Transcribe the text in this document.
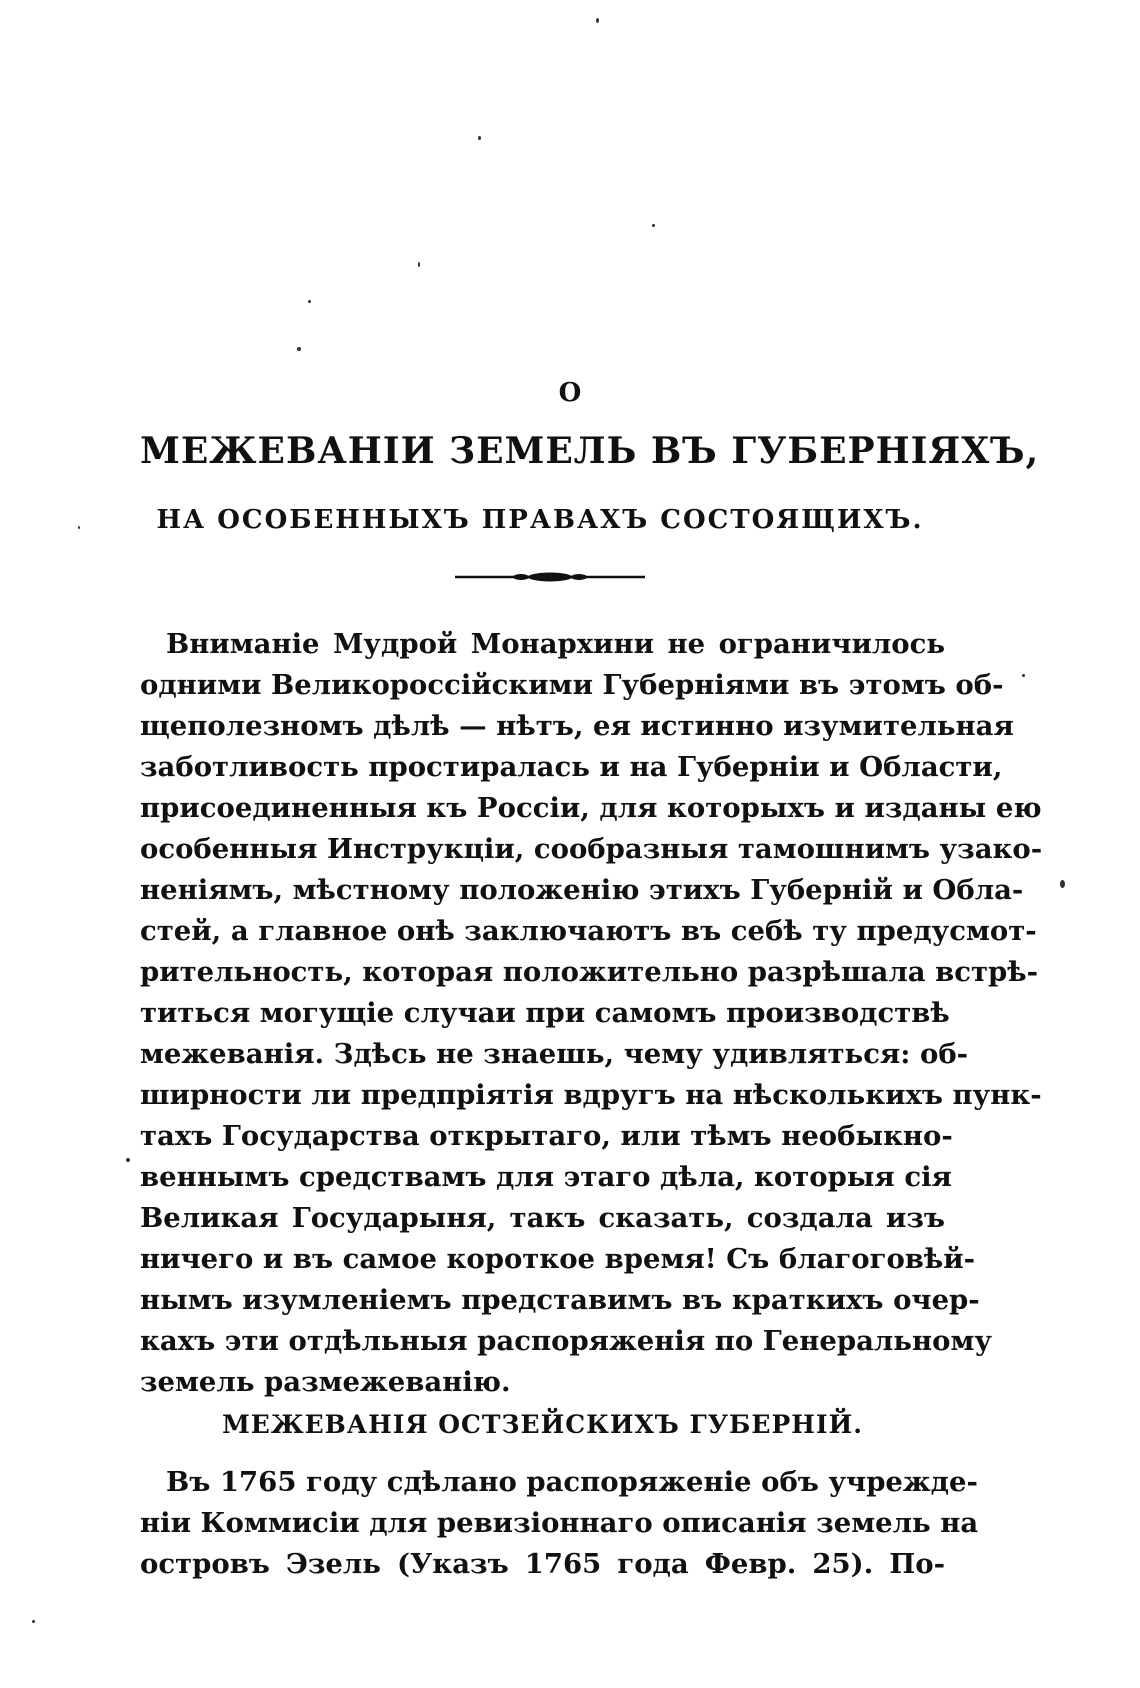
О
МЕЖЕВАНІИ ЗЕМЕЛЬ ВЪ ГУБЕРНІЯХЪ,
НА ОСОБЕННЫХЪ ПРАВАХЪ СОСТОЯЩИХЪ.
Вниманіе Мудрой Монархини не ограничилось
одними Великороссійскими Губерніями въ этомъ об-
щеполезномъ дѣлѣ — нѣтъ, ея истинно изумительная
заботливость простиралась и на Губерніи и Области,
присоединенныя къ Россіи, для которыхъ и изданы ею
особенныя Инструкціи, сообразныя тамошнимъ узако-
неніямъ, мѣстному положенію этихъ Губерній и Обла-
стей, а главное онѣ заключаютъ въ себѣ ту предусмот-
рительность, которая положительно разрѣшала встрѣ-
титься могущіе случаи при самомъ производствѣ
межеванія. Здѣсь не знаешь, чему удивляться: об-
ширности ли предпріятія вдругъ на нѣсколькихъ пунк-
тахъ Государства открытаго, или тѣмъ необыкно-
веннымъ средствамъ для этаго дѣла, которыя сія
Великая Государыня, такъ сказать, создала изъ
ничего и въ самое короткое время! Съ благоговѣй-
нымъ изумленіемъ представимъ въ краткихъ очер-
кахъ эти отдѣльныя распоряженія по Генеральному
земель размежеванію.
МЕЖЕВАНІЯ ОСТЗЕЙСКИХЪ ГУБЕРНІЙ.
Въ 1765 году сдѣлано распоряженіе объ учрежде-
ніи Коммисіи для ревизіоннаго описанія земель на
островъ Эзель (Указъ 1765 года Февр. 25). По-
